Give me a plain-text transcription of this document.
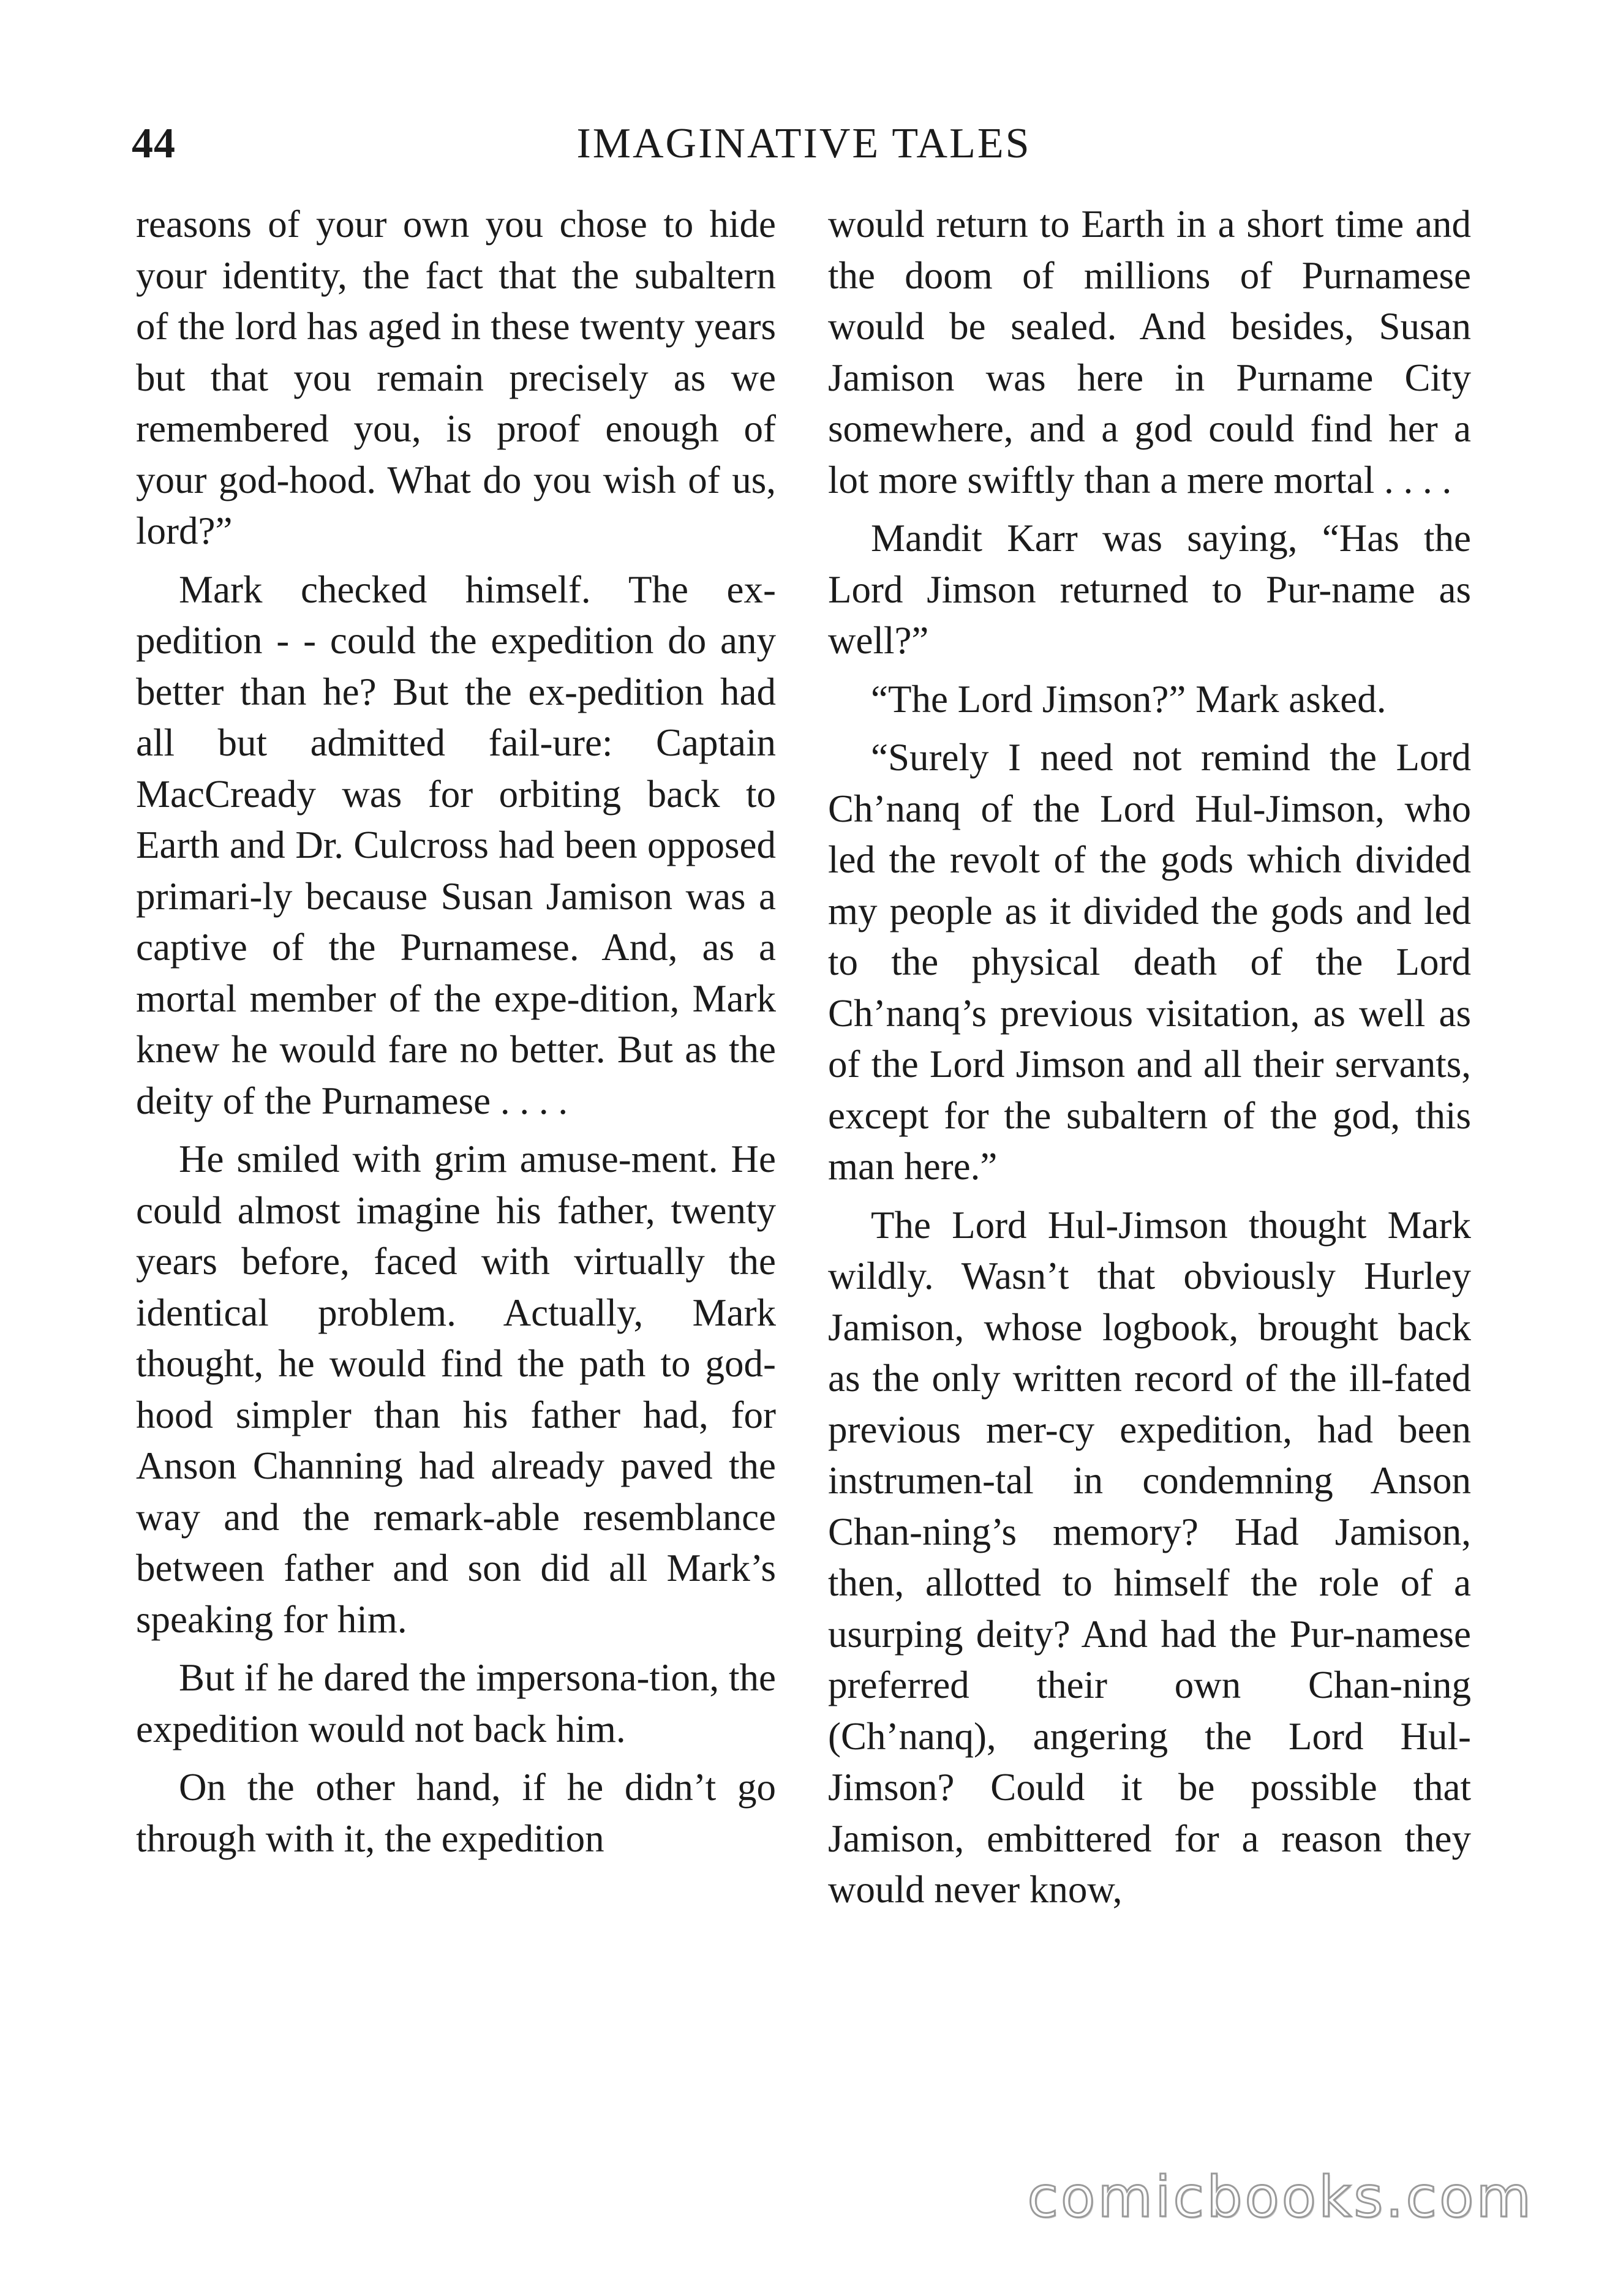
44	IMAGINATIVE TALES

reasons of your own you chose to hide your identity, the fact that the subaltern of the lord has aged in these twenty years but that you remain precisely as we remembered you, is proof enough of your god-hood. What do you wish of us, lord?”

Mark checked himself. The ex-pedition - - could the expedition do any better than he? But the ex-pedition had all but admitted fail-ure: Captain MacCready was for orbiting back to Earth and Dr. Culcross had been opposed primari-ly because Susan Jamison was a captive of the Purnamese. And, as a mortal member of the expe-dition, Mark knew he would fare no better. But as the deity of the Purnamese . . . .

He smiled with grim amuse-ment. He could almost imagine his father, twenty years before, faced with virtually the identical problem. Actually, Mark thought, he would find the path to god-hood simpler than his father had, for Anson Channing had already paved the way and the remark-able resemblance between father and son did all Mark’s speaking for him.

But if he dared the impersona-tion, the expedition would not back him.

On the other hand, if he didn’t go through with it, the expedition

would return to Earth in a short time and the doom of millions of Purnamese would be sealed. And besides, Susan Jamison was here in Purname City somewhere, and a god could find her a lot more swiftly than a mere mortal . . . .

Mandit Karr was saying, “Has the Lord Jimson returned to Pur-name as well?”

“The Lord Jimson?” Mark asked.

“Surely I need not remind the Lord Ch’nanq of the Lord Hul-Jimson, who led the revolt of the gods which divided my people as it divided the gods and led to the physical death of the Lord Ch’nanq’s previous visitation, as well as of the Lord Jimson and all their servants, except for the subaltern of the god, this man here.”

The Lord Hul-Jimson thought Mark wildly. Wasn’t that obviously Hurley Jamison, whose logbook, brought back as the only written record of the ill-fated previous mer-cy expedition, had been instrumen-tal in condemning Anson Chan-ning’s memory? Had Jamison, then, allotted to himself the role of a usurping deity? And had the Pur-namese preferred their own Chan-ning (Ch’nanq), angering the Lord Hul-Jimson? Could it be possible that Jamison, embittered for a reason they would never know,

comicbooks.com
